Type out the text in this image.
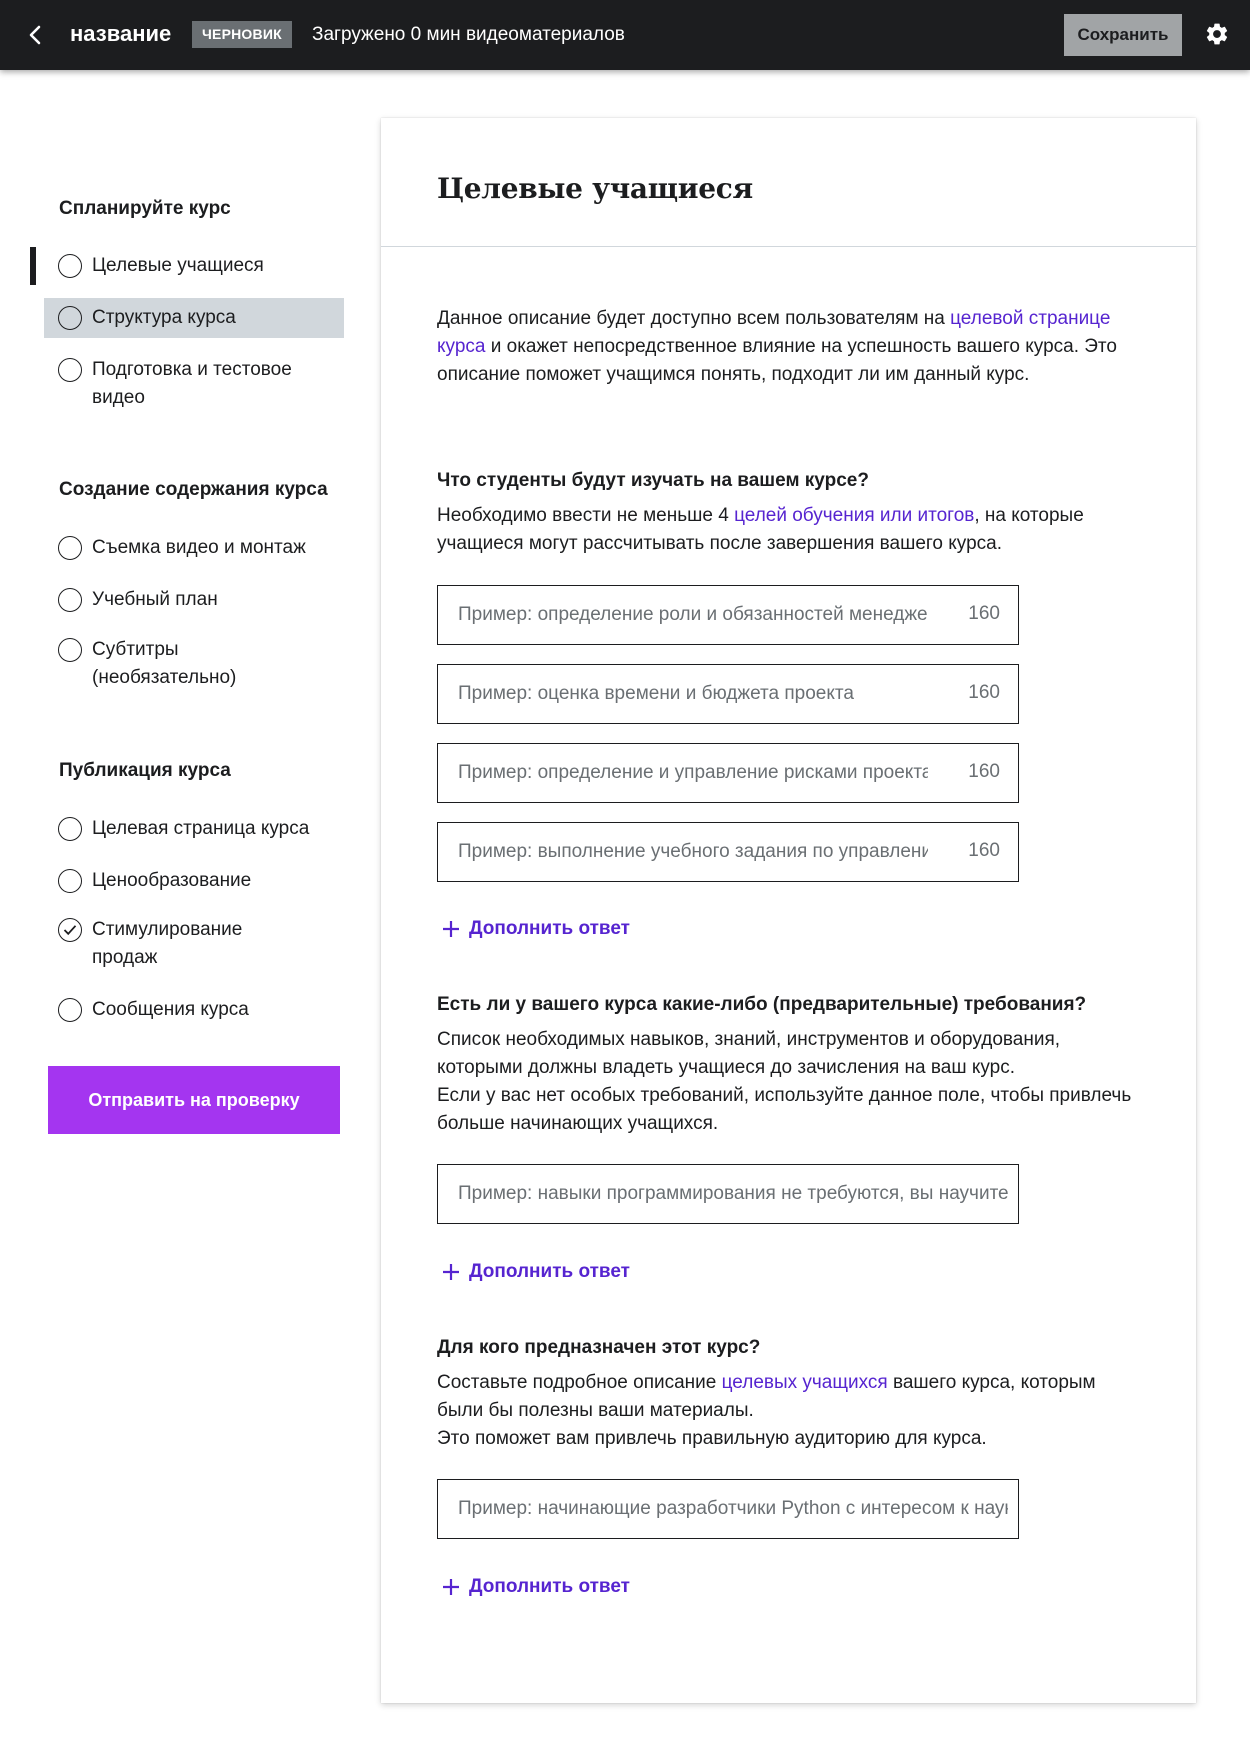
название	ЧЕРНОВИК	Загружено 0 мин видеоматериалов	Сохранить
Спланируйте курс
Целевые учащиеся
Структура курса
Подготовка и тестовое видео
Создание содержания курса
Съемка видео и монтаж
Учебный план
Субтитры (необязательно)
Публикация курса
Целевая страница курса
Ценообразование
Стимулирование продаж
Сообщения курса
Отправить на проверку
Целевые учащиеся

Данное описание будет доступно всем пользователям на целевой странице курса и окажет непосредственное влияние на успешность вашего курса. Это описание поможет учащимся понять, подходит ли им данный курс.

Что студенты будут изучать на вашем курсе?

Необходимо ввести не меньше 4 целей обучения или итогов, на которые учащиеся могут рассчитывать после завершения вашего курса.

Пример: определение роли и обязанностей менеджера проекта
160
Пример: оценка времени и бюджета проекта
160
Пример: определение и управление рисками проекта
160
Пример: выполнение учебного задания по управлению проектами
160
Дополнить ответ
Есть ли у вашего курса какие-либо (предварительные) требования?

Список необходимых навыков, знаний, инструментов и оборудования, которыми должны владеть учащиеся до зачисления на ваш курс.

Если у вас нет особых требований, используйте данное поле, чтобы привлечь больше начинающих учащихся.

Пример: навыки программирования не требуются, вы научитесь всему необходимому
Дополнить ответ
Для кого предназначен этот курс?

Составьте подробное описание целевых учащихся вашего курса, которым были бы полезны ваши материалы.

Это поможет вам привлечь правильную аудиторию для курса.

Пример: начинающие разработчики Python с интересом к науке о данных
Дополнить ответ
